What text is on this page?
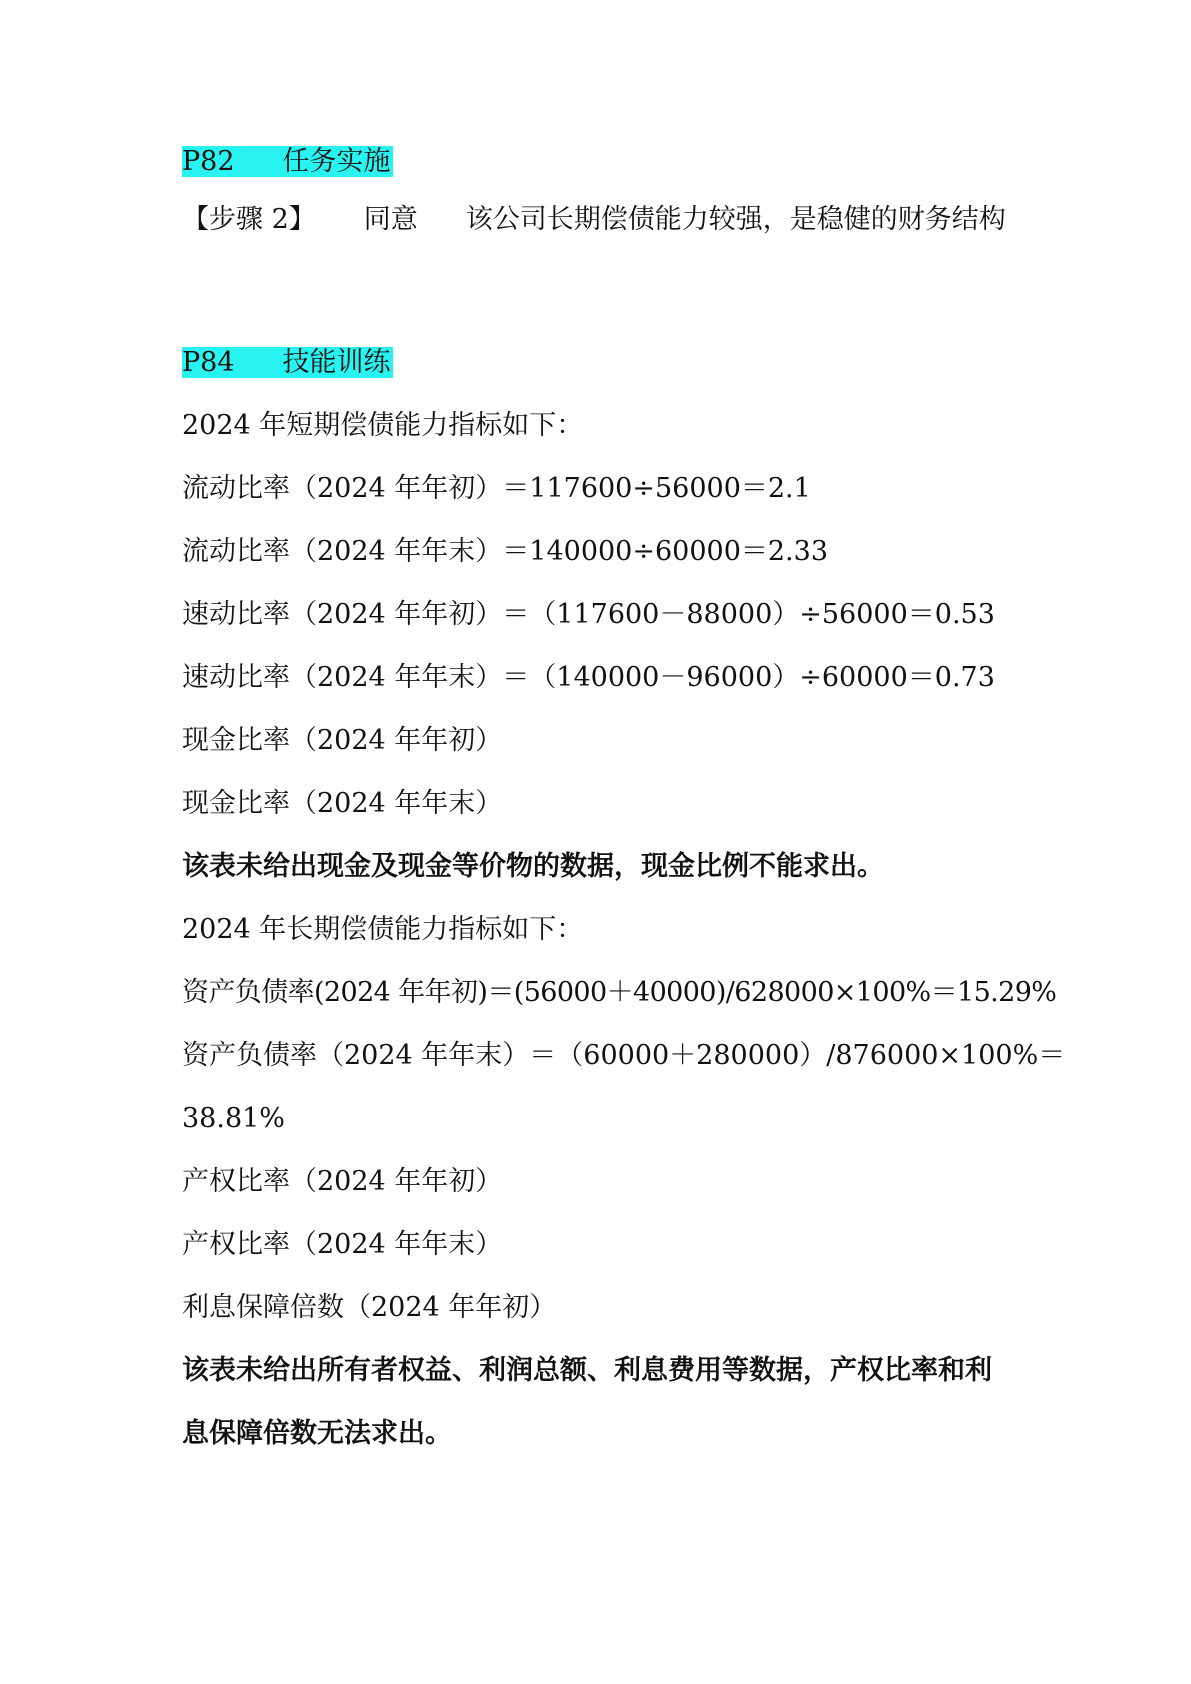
P82 任务实施
【步骤 2】 同意 该公司长期偿债能力较强，是稳健的财务结构
P84 技能训练
2024 年短期偿债能力指标如下：
流动比率（2024 年年初）＝117600÷56000＝2.1
流动比率（2024 年年末）＝140000÷60000＝2.33
速动比率（2024 年年初）＝（117600－88000）÷56000＝0.53
速动比率（2024 年年末）＝（140000－96000）÷60000＝0.73
现金比率（2024 年年初）
现金比率（2024 年年末）
该表未给出现金及现金等价物的数据，现金比例不能求出。
2024 年长期偿债能力指标如下：
资产负债率(2024 年年初)＝(56000＋40000)/628000×100%＝15.29%
资产负债率（2024 年年末）＝（60000＋280000）/876000×100%＝
38.81%
产权比率（2024 年年初）
产权比率（2024 年年末）
利息保障倍数（2024 年年初）
该表未给出所有者权益、利润总额、利息费用等数据，产权比率和利
息保障倍数无法求出。
